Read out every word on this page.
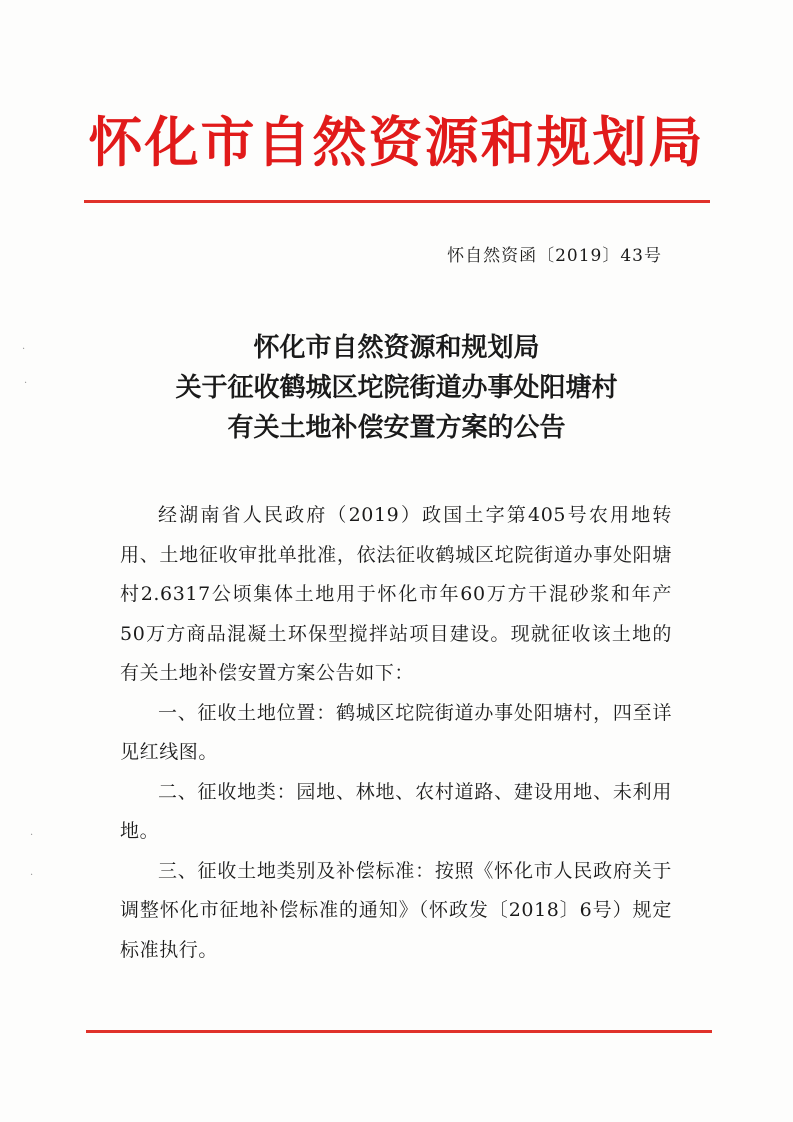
·
·
·
·
怀化市自然资源和规划局
怀自然资函〔2019〕43号
怀化市自然资源和规划局
关于征收鹤城区坨院街道办事处阳塘村
有关土地补偿安置方案的公告

经湖南省人民政府（2019）政国土字第405号农用地转用、土地征收审批单批准，依法征收鹤城区坨院街道办事处阳塘村2.6317公顷集体土地用于怀化市年60万方干混砂浆和年产50万方商品混凝土环保型搅拌站项目建设。现就征收该土地的有关土地补偿安置方案公告如下：

一、征收土地位置：鹤城区坨院街道办事处阳塘村，四至详见红线图。

二、征收地类：园地、林地、农村道路、建设用地、未利用地。

三、征收土地类别及补偿标准：按照《怀化市人民政府关于调整怀化市征地补偿标准的通知》（怀政发〔2018〕6号）规定标准执行。
